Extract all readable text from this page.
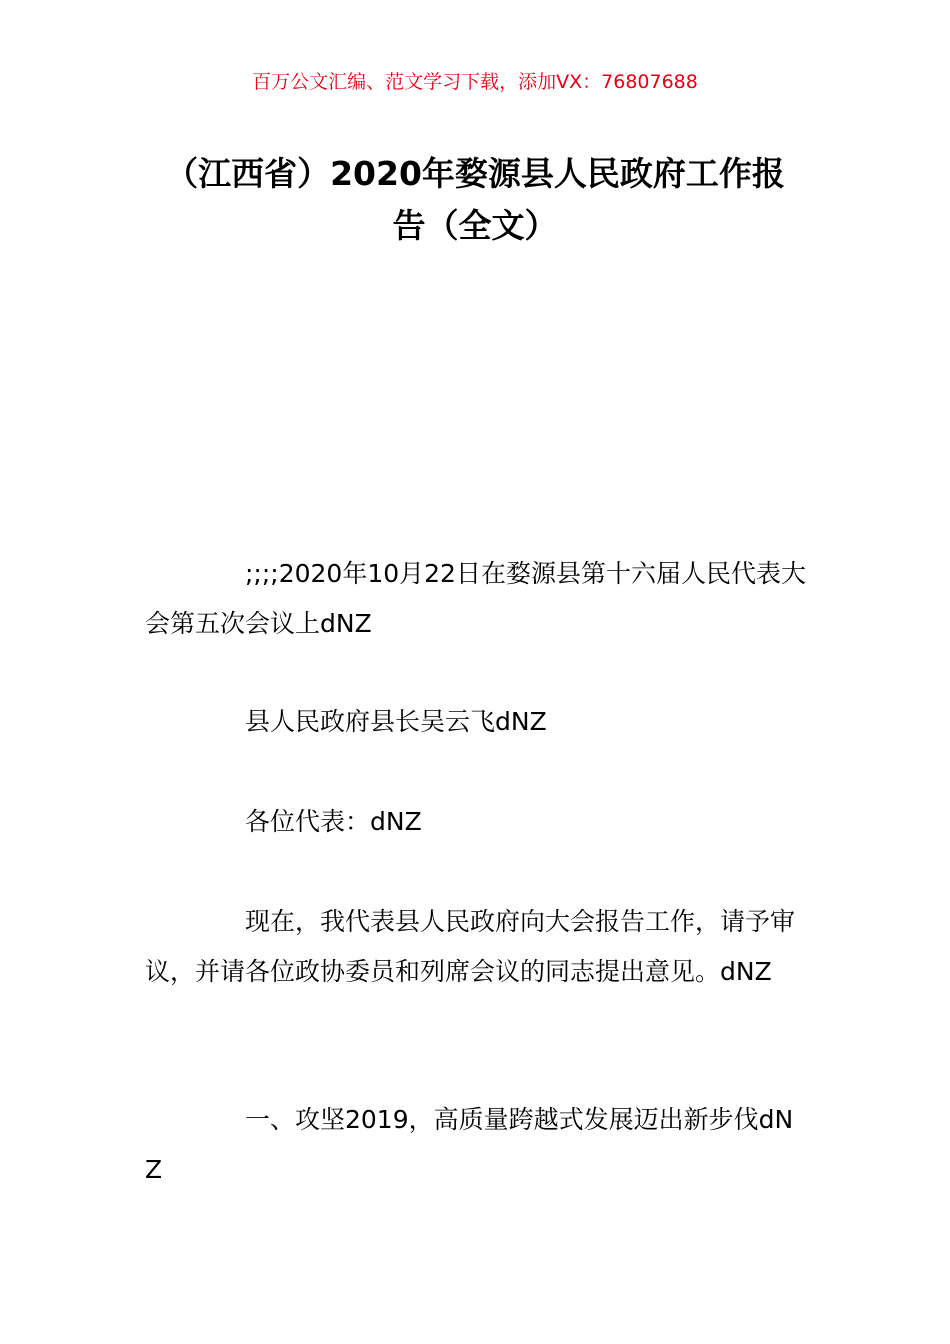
百万公文汇编、范文学习下载，添加VX：76807688
（江西省）2020年婺源县人民政府工作报
告（全文）

;;;;2020年10月22日在婺源县第十六届人民代表大会第五次会议上dNZ

县人民政府县长吴云飞dNZ

各位代表：dNZ

现在，我代表县人民政府向大会报告工作，请予审议，并请各位政协委员和列席会议的同志提出意见。dNZ

一、攻坚2019，高质量跨越式发展迈出新步伐dNZ
